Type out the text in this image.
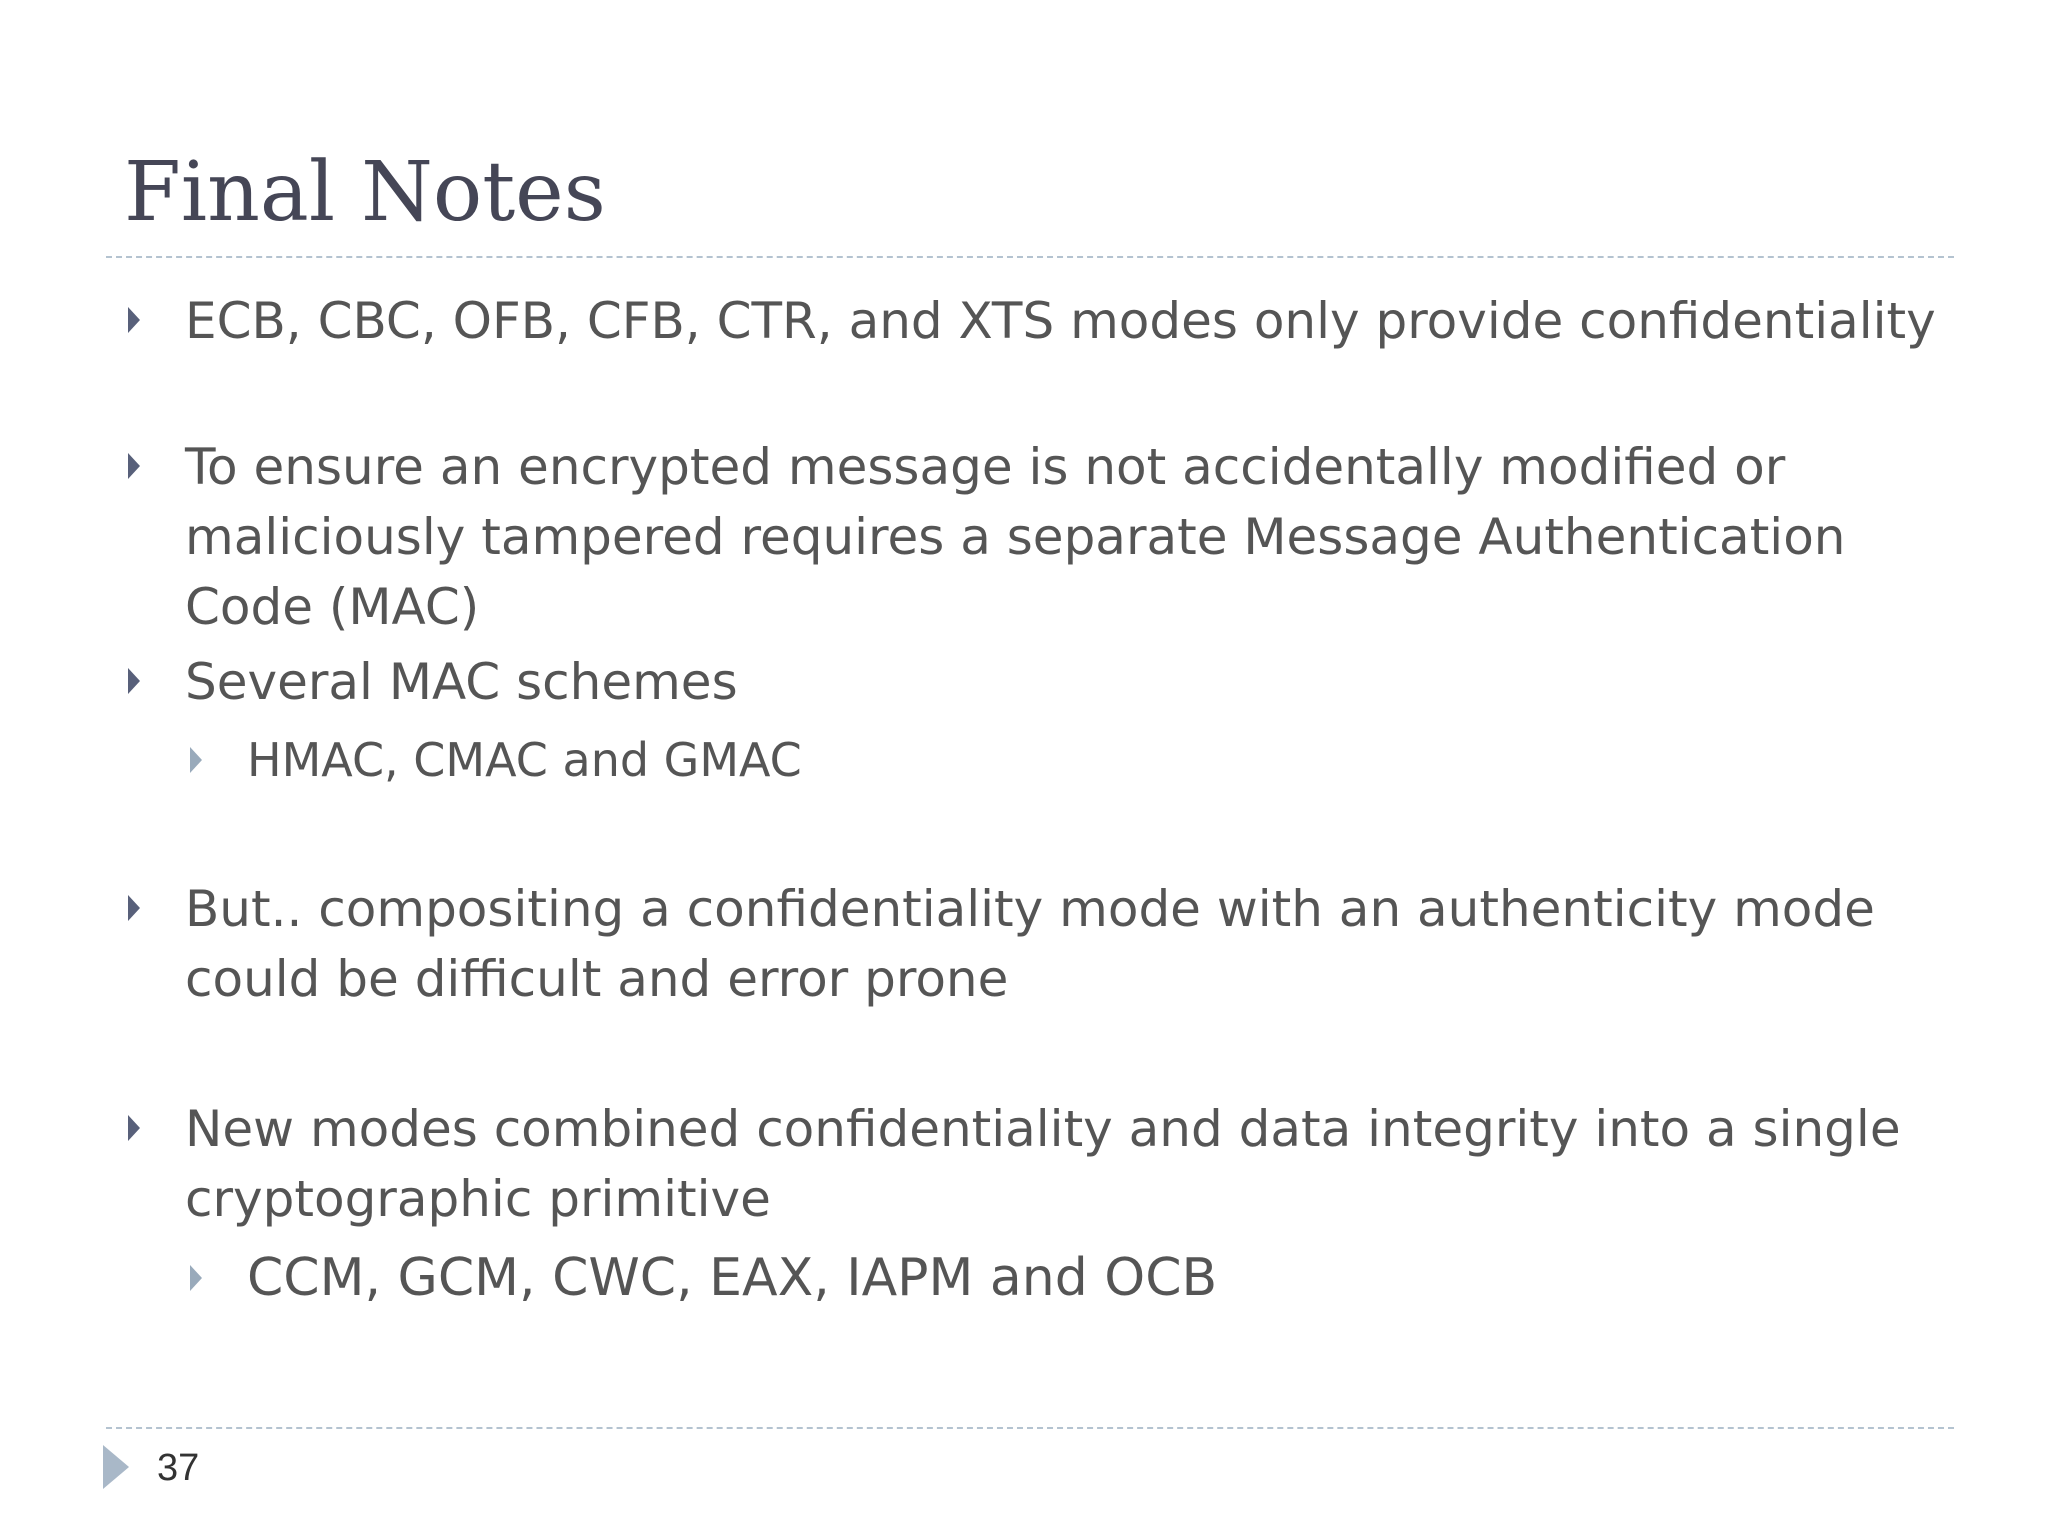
Final Notes
ECB, CBC, OFB, CFB, CTR, and XTS modes only provide confidentiality
To ensure an encrypted message is not accidentally modified or maliciously tampered requires a separate Message Authentication Code (MAC)
Several MAC schemes
HMAC, CMAC and GMAC
But.. compositing a confidentiality mode with an authenticity mode could be difficult and error prone
New modes combined confidentiality and data integrity into a single cryptographic primitive
CCM, GCM, CWC, EAX, IAPM and OCB
37
